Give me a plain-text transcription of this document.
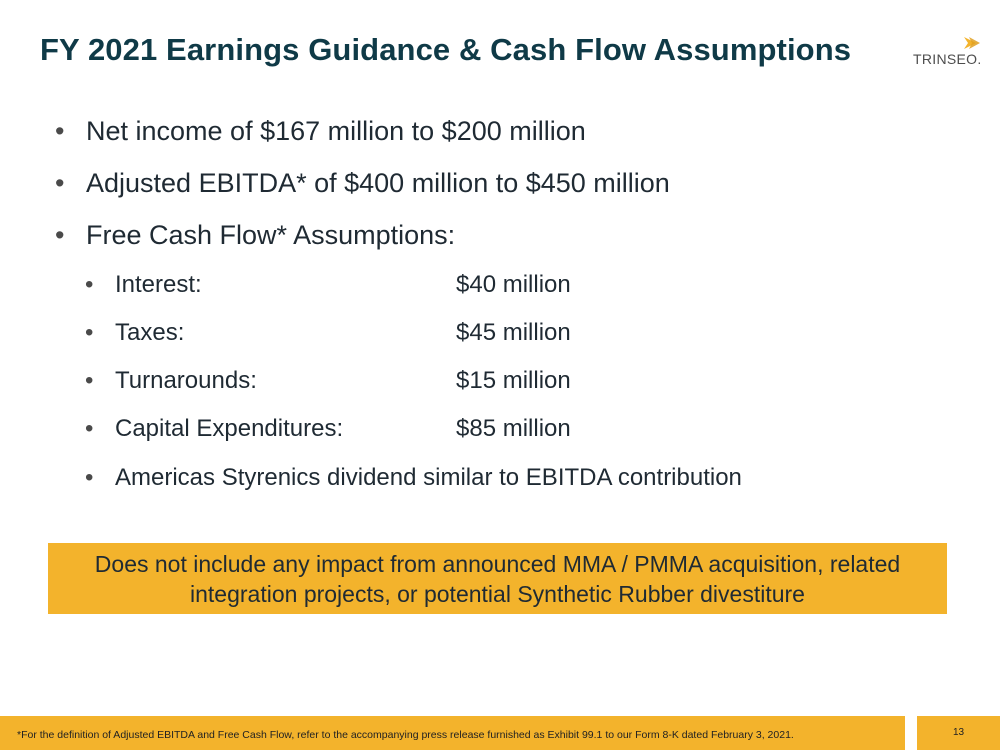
FY 2021 Earnings Guidance & Cash Flow Assumptions	TRINSEO.
• Net income of $167 million to $200 million
• Adjusted EBITDA* of $400 million to $450 million
• Free Cash Flow* Assumptions:
• Interest:	$40 million
• Taxes:	$45 million
• Turnarounds:	$15 million
• Capital Expenditures:	$85 million
• Americas Styrenics dividend similar to EBITDA contribution
Does not include any impact from announced MMA / PMMA acquisition, related
integration projects, or potential Synthetic Rubber divestiture
*For the definition of Adjusted EBITDA and Free Cash Flow, refer to the accompanying press release furnished as Exhibit 99.1 to our Form 8-K dated February 3, 2021.	13
